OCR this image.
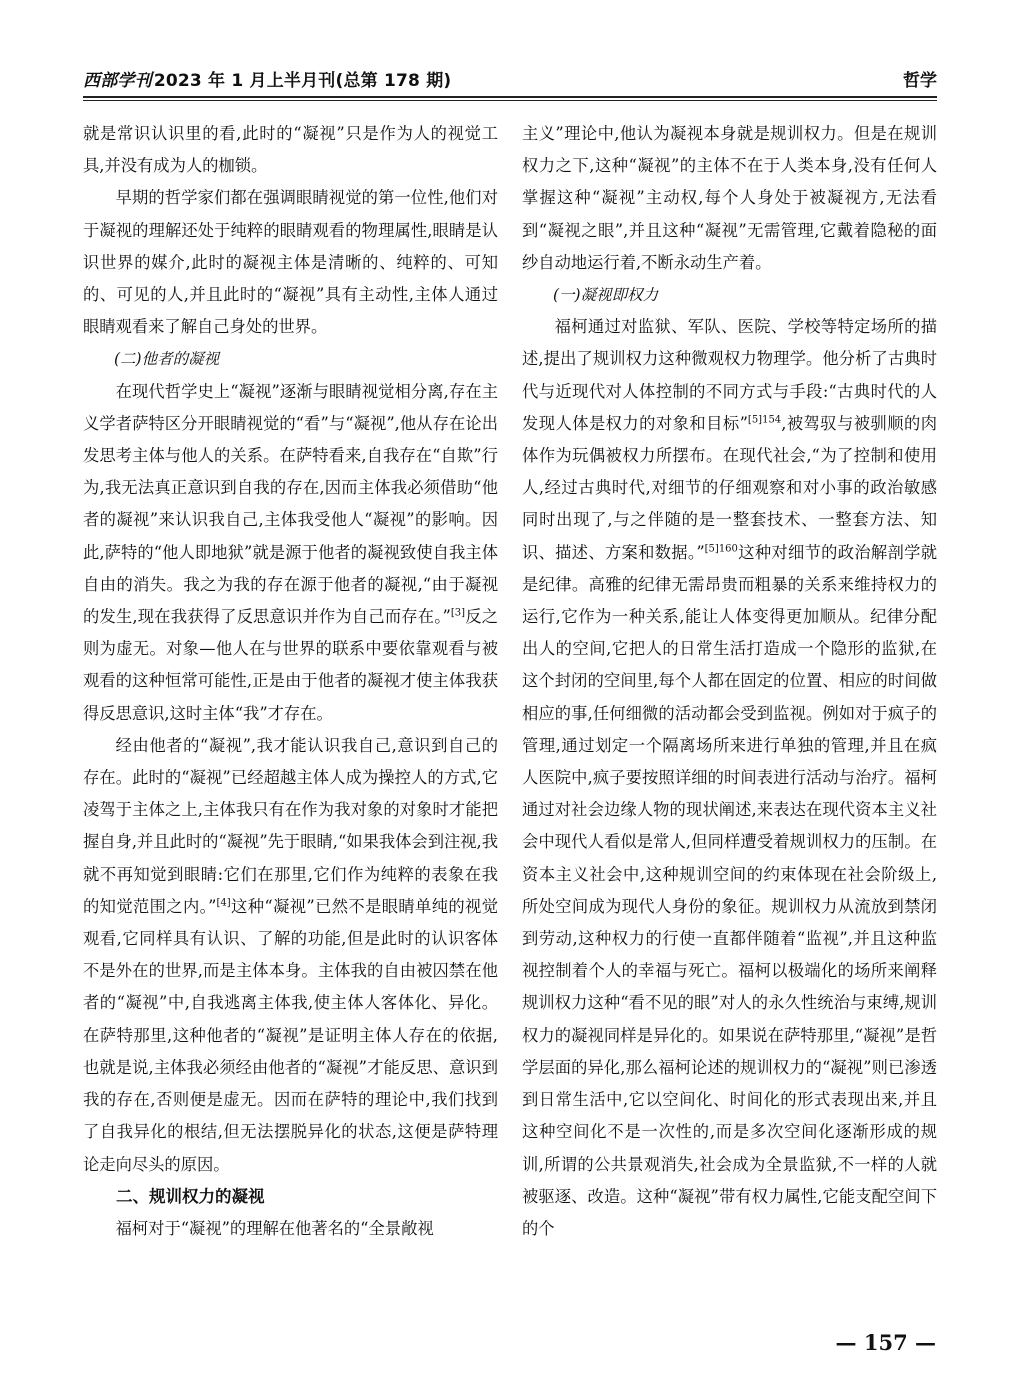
西部学刊 2023 年 1 月上半月刊(总第 178 期)	哲学

就是常识认识里的看,此时的“凝视”只是作为人的视觉工具,并没有成为人的枷锁。

早期的哲学家们都在强调眼睛视觉的第一位性,他们对于凝视的理解还处于纯粹的眼睛观看的物理属性,眼睛是认识世界的媒介,此时的凝视主体是清晰的、纯粹的、可知的、可见的人,并且此时的“凝视”具有主动性,主体人通过眼睛观看来了解自己身处的世界。

(二)他者的凝视

在现代哲学史上“凝视”逐渐与眼睛视觉相分离,存在主义学者萨特区分开眼睛视觉的“看”与“凝视”,他从存在论出发思考主体与他人的关系。在萨特看来,自我存在“自欺”行为,我无法真正意识到自我的存在,因而主体我必须借助“他者的凝视”来认识我自己,主体我受他人“凝视”的影响。因此,萨特的“他人即地狱”就是源于他者的凝视致使自我主体自由的消失。我之为我的存在源于他者的凝视,“由于凝视的发生,现在我获得了反思意识并作为自己而存在。”[3]反之则为虚无。对象—他人在与世界的联系中要依靠观看与被观看的这种恒常可能性,正是由于他者的凝视才使主体我获得反思意识,这时主体“我”才存在。

经由他者的“凝视”,我才能认识我自己,意识到自己的存在。此时的“凝视”已经超越主体人成为操控人的方式,它凌驾于主体之上,主体我只有在作为我对象的对象时才能把握自身,并且此时的“凝视”先于眼睛,“如果我体会到注视,我就不再知觉到眼睛:它们在那里,它们作为纯粹的表象在我的知觉范围之内。”[4]这种“凝视”已然不是眼睛单纯的视觉观看,它同样具有认识、了解的功能,但是此时的认识客体不是外在的世界,而是主体本身。主体我的自由被囚禁在他者的“凝视”中,自我逃离主体我,使主体人客体化、异化。在萨特那里,这种他者的“凝视”是证明主体人存在的依据,也就是说,主体我必须经由他者的“凝视”才能反思、意识到我的存在,否则便是虚无。因而在萨特的理论中,我们找到了自我异化的根结,但无法摆脱异化的状态,这便是萨特理论走向尽头的原因。

二、规训权力的凝视

福柯对于“凝视”的理解在他著名的“全景敞视

主义”理论中,他认为凝视本身就是规训权力。但是在规训权力之下,这种“凝视”的主体不在于人类本身,没有任何人掌握这种“凝视”主动权,每个人身处于被凝视方,无法看到“凝视之眼”,并且这种“凝视”无需管理,它戴着隐秘的面纱自动地运行着,不断永动生产着。

(一)凝视即权力

福柯通过对监狱、军队、医院、学校等特定场所的描述,提出了规训权力这种微观权力物理学。他分析了古典时代与近现代对人体控制的不同方式与手段:“古典时代的人发现人体是权力的对象和目标”$^{[5]154}$,被驾驭与被驯顺的肉体作为玩偶被权力所摆布。在现代社会,“为了控制和使用人,经过古典时代,对细节的仔细观察和对小事的政治敏感同时出现了,与之伴随的是一整套技术、一整套方法、知识、描述、方案和数据。”$^{[5]160}$这种对细节的政治解剖学就是纪律。高雅的纪律无需昂贵而粗暴的关系来维持权力的运行,它作为一种关系,能让人体变得更加顺从。纪律分配出人的空间,它把人的日常生活打造成一个隐形的监狱,在这个封闭的空间里,每个人都在固定的位置、相应的时间做相应的事,任何细微的活动都会受到监视。例如对于疯子的管理,通过划定一个隔离场所来进行单独的管理,并且在疯人医院中,疯子要按照详细的时间表进行活动与治疗。福柯通过对社会边缘人物的现状阐述,来表达在现代资本主义社会中现代人看似是常人,但同样遭受着规训权力的压制。在资本主义社会中,这种规训空间的约束体现在社会阶级上,所处空间成为现代人身份的象征。规训权力从流放到禁闭到劳动,这种权力的行使一直都伴随着“监视”,并且这种监视控制着个人的幸福与死亡。福柯以极端化的场所来阐释规训权力这种“看不见的眼”对人的永久性统治与束缚,规训权力的凝视同样是异化的。如果说在萨特那里,“凝视”是哲学层面的异化,那么福柯论述的规训权力的“凝视”则已渗透到日常生活中,它以空间化、时间化的形式表现出来,并且这种空间化不是一次性的,而是多次空间化逐渐形成的规训,所谓的公共景观消失,社会成为全景监狱,不一样的人就被驱逐、改造。这种“凝视”带有权力属性,它能支配空间下的个

— 157 —
